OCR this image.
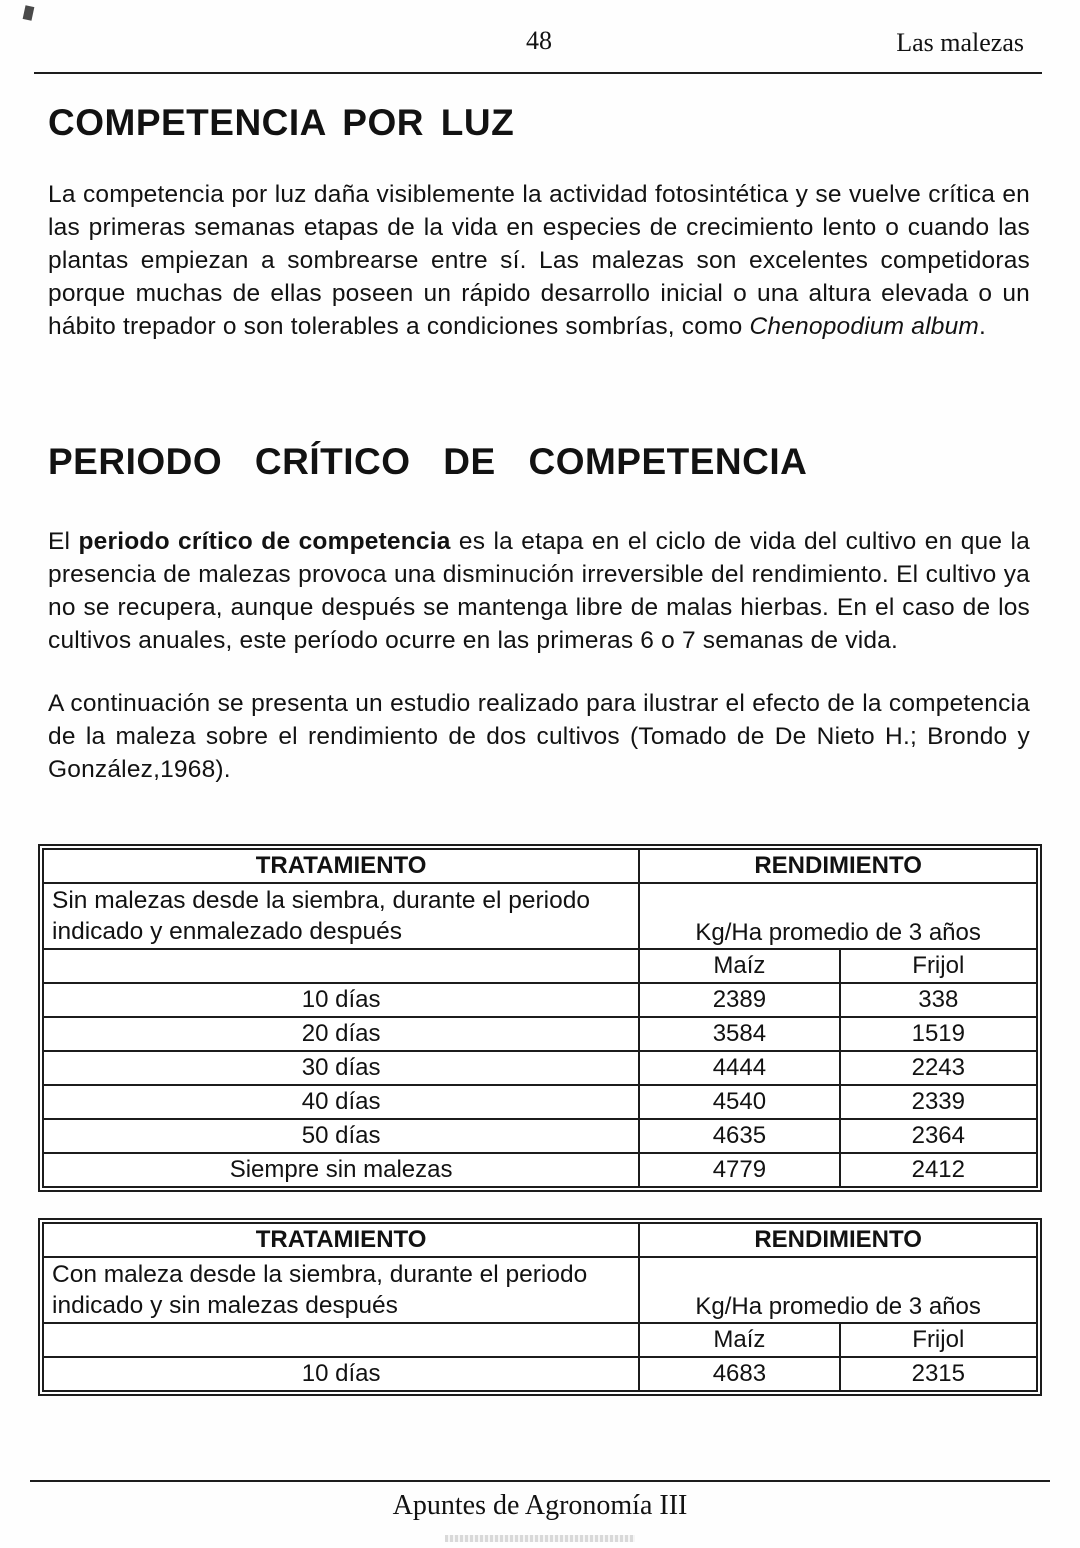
48	Las malezas
COMPETENCIA POR LUZ

La competencia por luz daña visiblemente la actividad fotosintética y se vuelve crítica en las primeras semanas etapas de la vida en especies de crecimiento lento o cuando las plantas empiezan a sombrearse entre sí. Las malezas son excelentes competidoras porque muchas de ellas poseen un rápido desarrollo inicial o una altura elevada o un hábito trepador o son tolerables a condiciones sombrías, como Chenopodium album.

PERIODO CRÍTICO DE COMPETENCIA

El periodo crítico de competencia es la etapa en el ciclo de vida del cultivo en que la presencia de malezas provoca una disminución irreversible del rendimiento. El cultivo ya no se recupera, aunque después se mantenga libre de malas hierbas. En el caso de los cultivos anuales, este período ocurre en las primeras 6 o 7 semanas de vida.

A continuación se presenta un estudio realizado para ilustrar el efecto de la competencia de la maleza sobre el rendimiento de dos cultivos (Tomado de De Nieto H.; Brondo y González,1968).

TRATAMIENTO	RENDIMIENTO	
Sin malezas desde la siembra, durante el periodo indicado y enmalezado después	Kg/Ha promedio de 3 años	
	Maíz	Frijol
10 días	2389	338
20 días	3584	1519
30 días	4444	2243
40 días	4540	2339
50 días	4635	2364
Siempre sin malezas	4779	2412
TRATAMIENTO	RENDIMIENTO	
Con maleza desde la siembra, durante el periodo indicado y sin malezas después	Kg/Ha promedio de 3 años	
	Maíz	Frijol
10 días	4683	2315
Apuntes de Agronomía III
